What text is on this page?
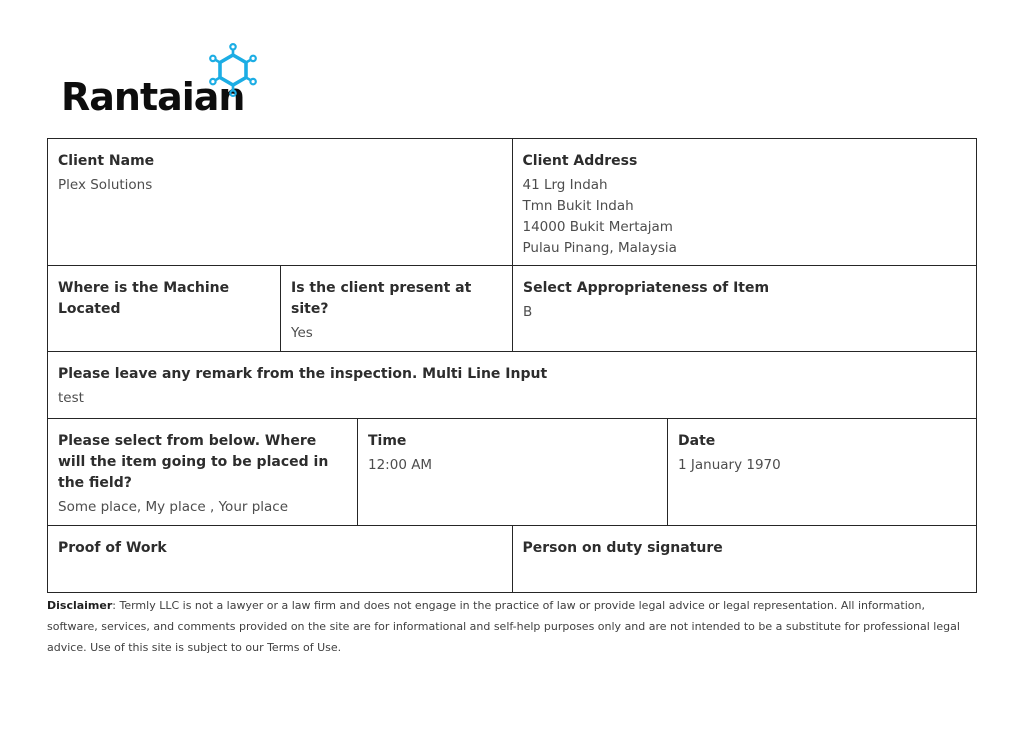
Rantaian
Client Name
Plex Solutions
Client Address
41 Lrg Indah
Tmn Bukit Indah
14000 Bukit Mertajam
Pulau Pinang, Malaysia
Where is the Machine Located
Is the client present at site?
Yes
Select Appropriateness of Item
B
Please leave any remark from the inspection. Multi Line Input
test
Please select from below. Where will the item going to be placed in the field?
Some place, My place , Your place
Time
12:00 AM
Date
1 January 1970
Proof of Work	Person on duty signature

Disclaimer: Termly LLC is not a lawyer or a law firm and does not engage in the practice of law or provide legal advice or legal representation. All information, software, services, and comments provided on the site are for informational and self-help purposes only and are not intended to be a substitute for professional legal advice. Use of this site is subject to our Terms of Use.
